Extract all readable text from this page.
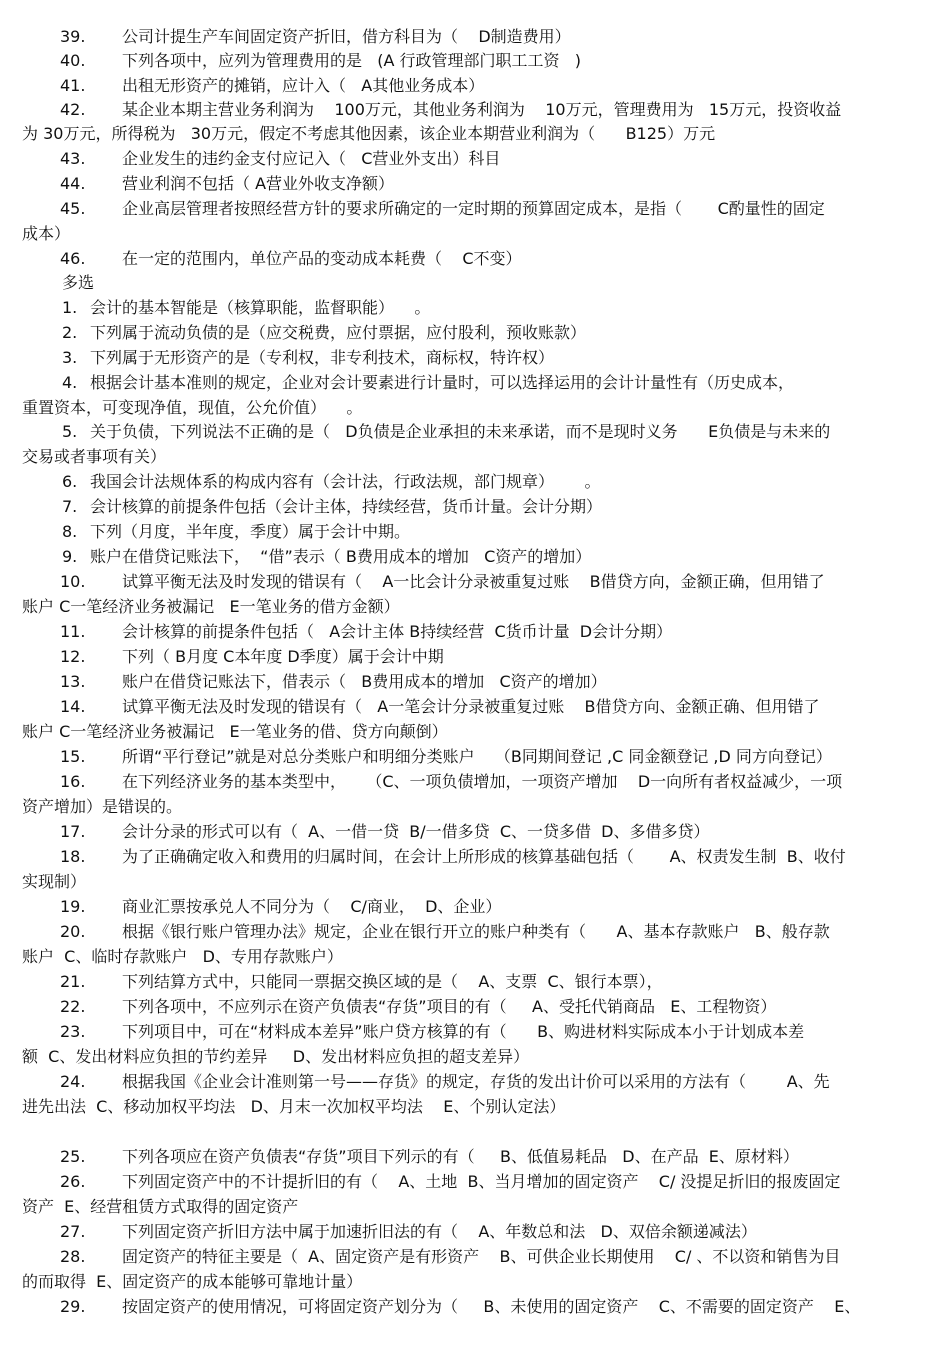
39. 公司计提生产车间固定资产折旧，借方科目为（    D制造费用）
40. 下列各项中，应列为管理费用的是   (A 行政管理部门职工工资   )
41. 出租无形资产的摊销，应计入（   A其他业务成本）
42. 某企业本期主营业务利润为    100万元，其他业务利润为    10万元，管理费用为   15万元，投资收益
为 30万元，所得税为   30万元，假定不考虑其他因素，该企业本期营业利润为（      B125）万元
43. 企业发生的违约金支付应记入（   C营业外支出）科目
44. 营业利润不包括（ A营业外收支净额）
45. 企业高层管理者按照经营方针的要求所确定的一定时期的预算固定成本，是指（       C酌量性的固定
成本）
46. 在一定的范围内，单位产品的变动成本耗费（    C不变）
多选
1. 会计的基本智能是（核算职能，监督职能）    。
2. 下列属于流动负债的是（应交税费，应付票据，应付股利，预收账款）
3. 下列属于无形资产的是（专利权，非专利技术，商标权，特许权）
4. 根据会计基本准则的规定，企业对会计要素进行计量时，可以选择运用的会计计量性有（历史成本，
重置资本，可变现净值，现值，公允价值）    。
5. 关于负债，下列说法不正确的是（   D负债是企业承担的未来承诺，而不是现时义务      E负债是与未来的
交易或者事项有关）
6. 我国会计法规体系的构成内容有（会计法，行政法规，部门规章）      。
7. 会计核算的前提条件包括（会计主体，持续经营，货币计量。会计分期）
8. 下列（月度，半年度，季度）属于会计中期。
9. 账户在借贷记账法下，  “借”表示（ B费用成本的增加   C资产的增加）
10. 试算平衡无法及时发现的错误有（    A一比会计分录被重复过账    B借贷方向，金额正确，但用错了
账户 C一笔经济业务被漏记   E一笔业务的借方金额）
11. 会计核算的前提条件包括（   A会计主体 B持续经营  C货币计量  D会计分期）
12. 下列（ B月度 C本年度 D季度）属于会计中期
13. 账户在借贷记账法下，借表示（   B费用成本的增加   C资产的增加）
14. 试算平衡无法及时发现的错误有（   A一笔会计分录被重复过账    B借贷方向、金额正确、但用错了
账户 C一笔经济业务被漏记   E一笔业务的借、贷方向颠倒）
15. 所谓“平行登记”就是对总分类账户和明细分类账户    （B同期间登记 ,C 同金额登记 ,D 同方向登记）
16. 在下列经济业务的基本类型中，    （C、一项负债增加，一项资产增加    D一向所有者权益减少，一项
资产增加）是错误的。
17. 会计分录的形式可以有（  A、一借一贷  B/一借多贷  C、一贷多借  D、多借多贷）
18. 为了正确确定收入和费用的归属时间，在会计上所形成的核算基础包括（       A、权责发生制  B、收付
实现制）
19. 商业汇票按承兑人不同分为（    C/商业，  D、企业）
20. 根据《银行账户管理办法》规定，企业在银行开立的账户种类有（      A、基本存款账户   B、般存款
账户  C、临时存款账户   D、专用存款账户）
21. 下列结算方式中，只能同一票据交换区域的是（    A、支票  C、银行本票），
22. 下列各项中，不应列示在资产负债表“存货”项目的有（     A、受托代销商品   E、工程物资）
23. 下列项目中，可在“材料成本差异”账户贷方核算的有（      B、购进材料实际成本小于计划成本差
额  C、发出材料应负担的节约差异     D、发出材料应负担的超支差异）
24. 根据我国《企业会计准则第一号——存货》的规定，存货的发出计价可以采用的方法有（        A、先
进先出法  C、移动加权平均法   D、月末一次加权平均法    E、个别认定法）
25. 下列各项应在资产负债表“存货”项目下列示的有（     B、低值易耗品   D、在产品  E、原材料）
26. 下列固定资产中的不计提折旧的有（    A、土地  B、当月增加的固定资产    C/ 没提足折旧的报废固定
资产  E、经营租赁方式取得的固定资产
27. 下列固定资产折旧方法中属于加速折旧法的有（    A、年数总和法   D、双倍余额递减法）
28. 固定资产的特征主要是（  A、固定资产是有形资产    B、可供企业长期使用    C/ 、不以资和销售为目
的而取得  E、固定资产的成本能够可靠地计量）
29. 按固定资产的使用情况，可将固定资产划分为（     B、未使用的固定资产    C、不需要的固定资产    E、
